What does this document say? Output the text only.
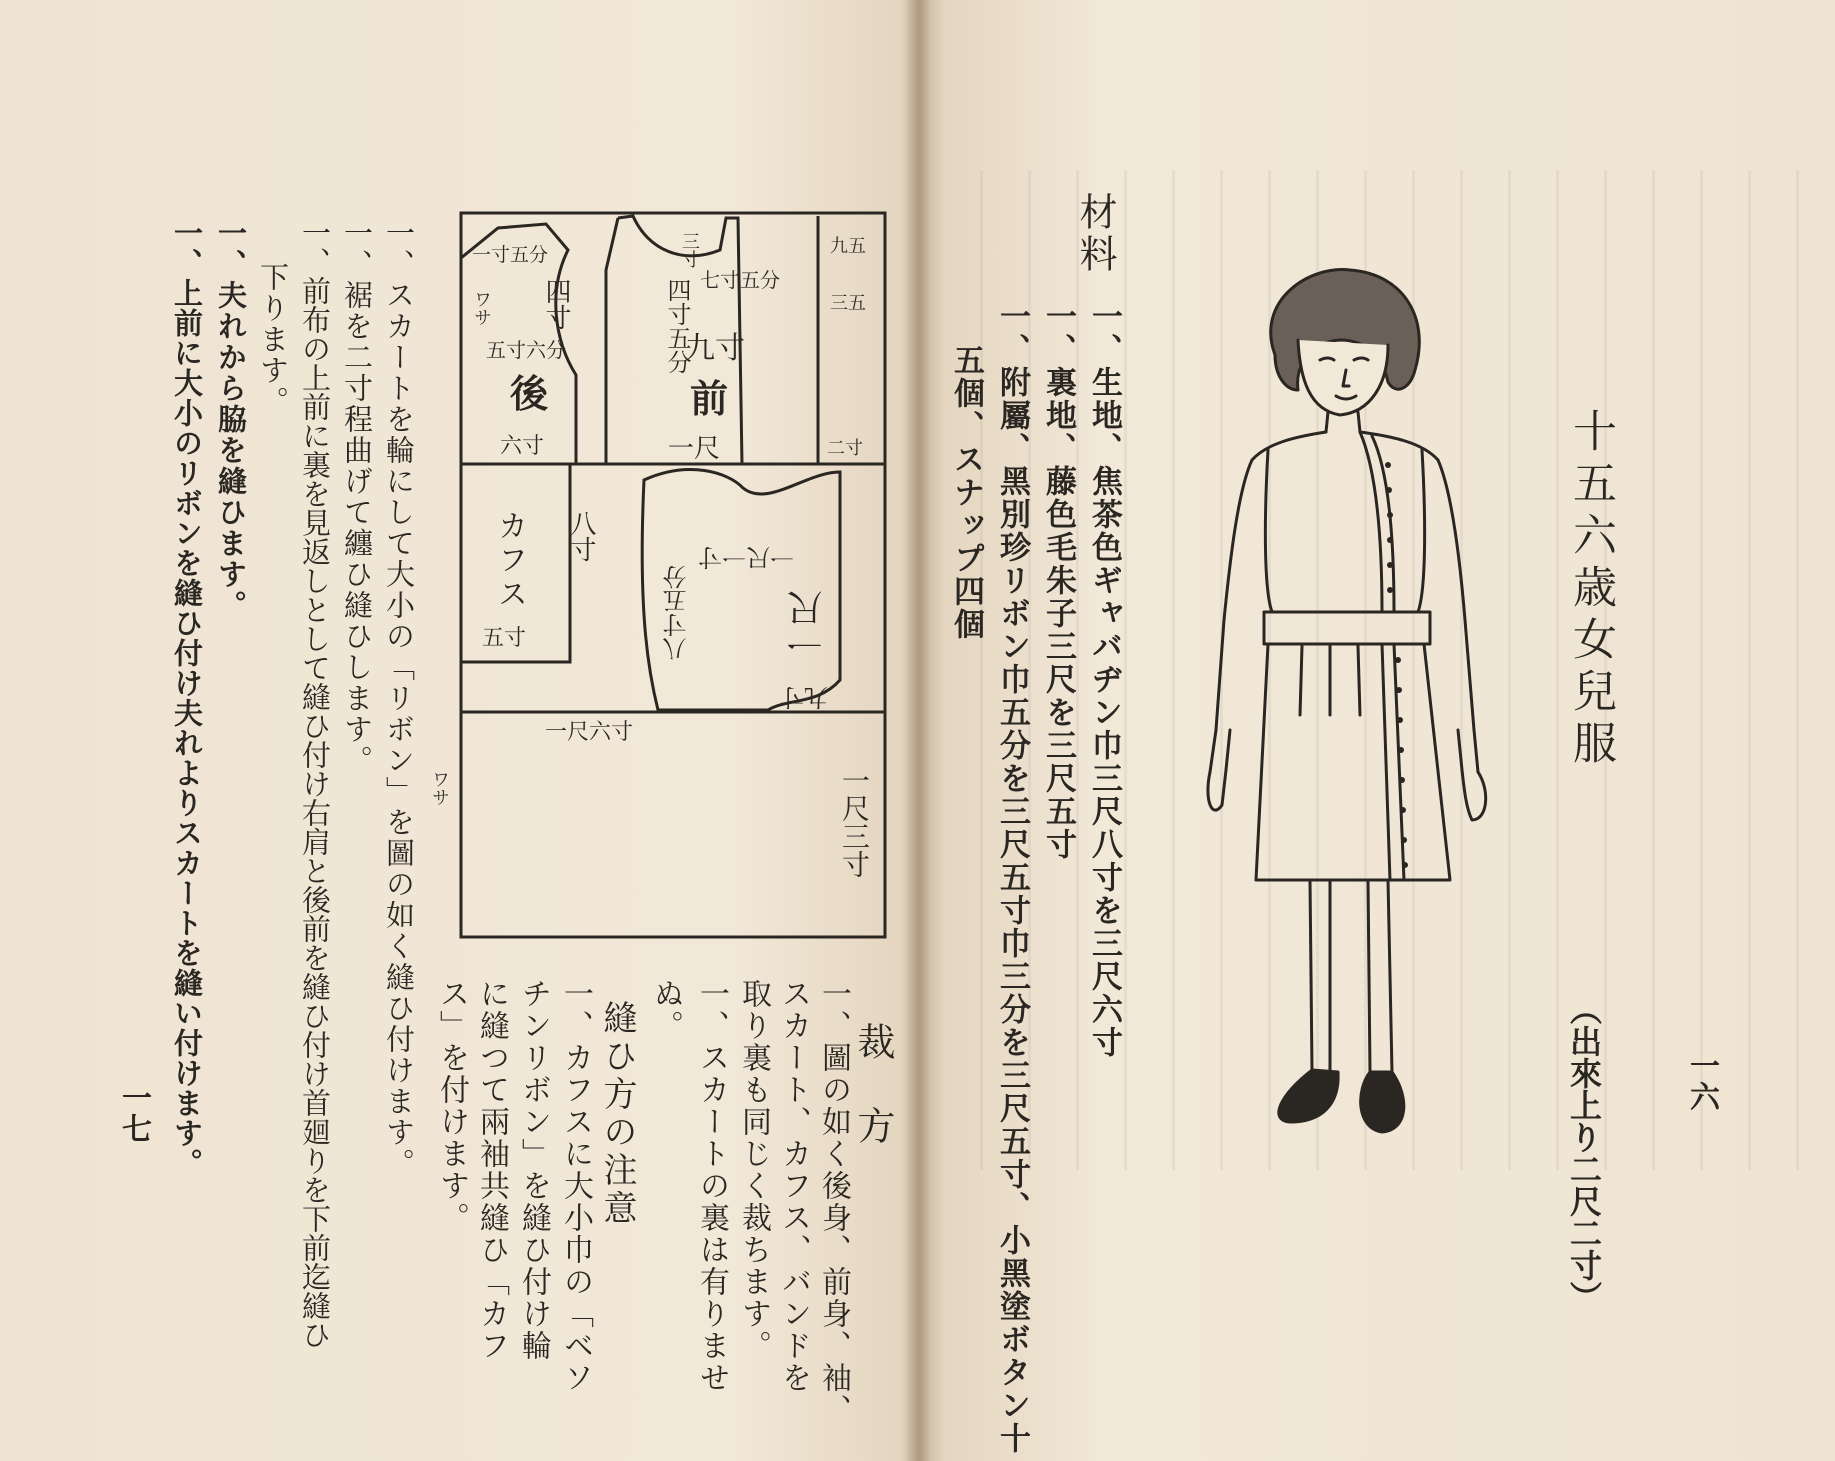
十五六歳女兒服
（出來上り二尺二寸）	一六
材料
一、生地、焦茶色ギャバヂン巾三尺八寸を三尺六寸
一、裏地、藤色毛朱子三尺を三尺五寸
一、附屬、黑別珍リボン巾五分を三尺五寸巾三分を三尺五寸、小黑塗ボタン十
五個、スナップ四個
一寸五分
四寸
五寸六分
後
六寸
三寸
七寸五分
四寸五分
九寸
前
一尺	二寸
九五
三五
ワサ
カフス 八寸
五寸
一尺一寸
一尺
八寸五分
九寸
一尺六寸
一尺三寸
ワサ
裁　方
一、圖の如く後身、前身、袖、
スカート、カフス、バンドを
取り裏も同じく裁ちます。
一、スカートの裏は有りませ
ぬ。
縫ひ方の注意
一、カフスに大小巾の「ベソ
チンリボン」を縫ひ付け輪
に縫つて兩袖共縫ひ「カフ
ス」を付けます。
一、スカートを輪にして大小の「リボン」を圖の如く縫ひ付けます。
一、裾を二寸程曲げて纏ひ縫ひします。
一、前布の上前に裏を見返しとして縫ひ付け右肩と後前を縫ひ付け首廻りを下前迄縫ひ
下ります。
一、夫れから脇を縫ひます。
一、上前に大小のリボンを縫ひ付け夫れよりスカートを縫い付けます。
一七
